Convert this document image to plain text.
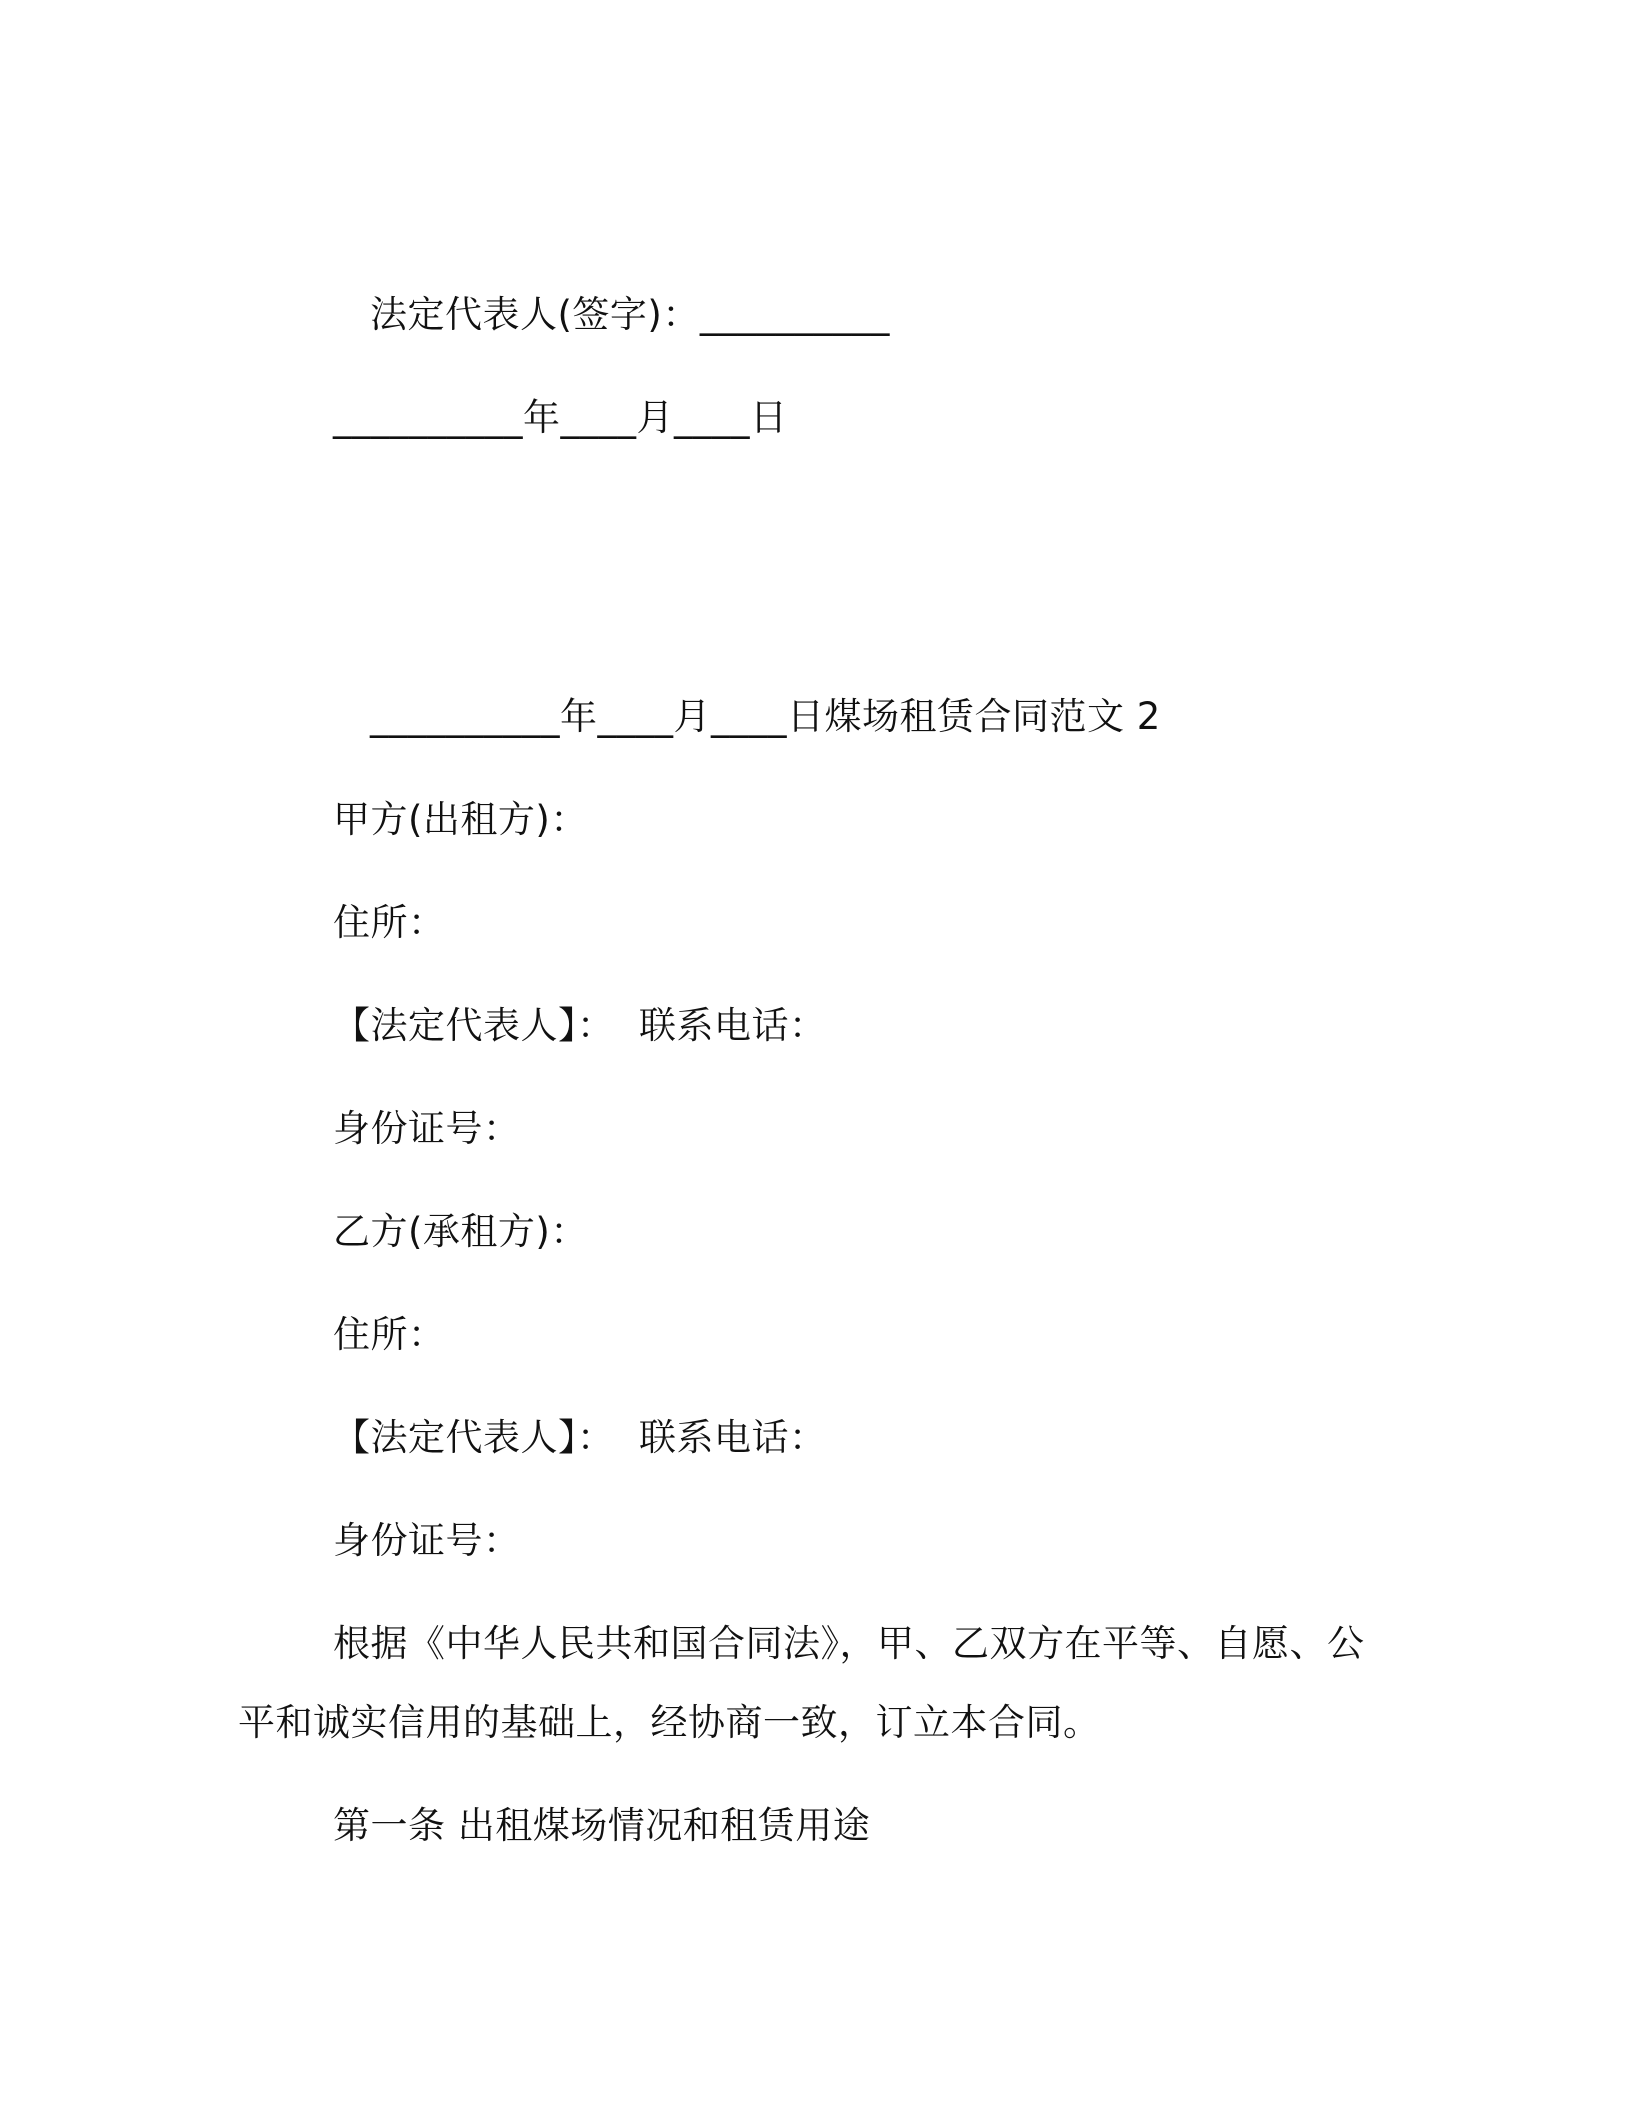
法定代表人(签字)：__________
__________年____月____日
__________年____月____日煤场租赁合同范文 2
甲方(出租方)：
住所：
【法定代表人】：  联系电话：
身份证号：
乙方(承租方)：
住所：
【法定代表人】：  联系电话：
身份证号：
根据《中华人民共和国合同法》，甲、乙双方在平等、自愿、公
平和诚实信用的基础上，经协商一致，订立本合同。
第一条 出租煤场情况和租赁用途
